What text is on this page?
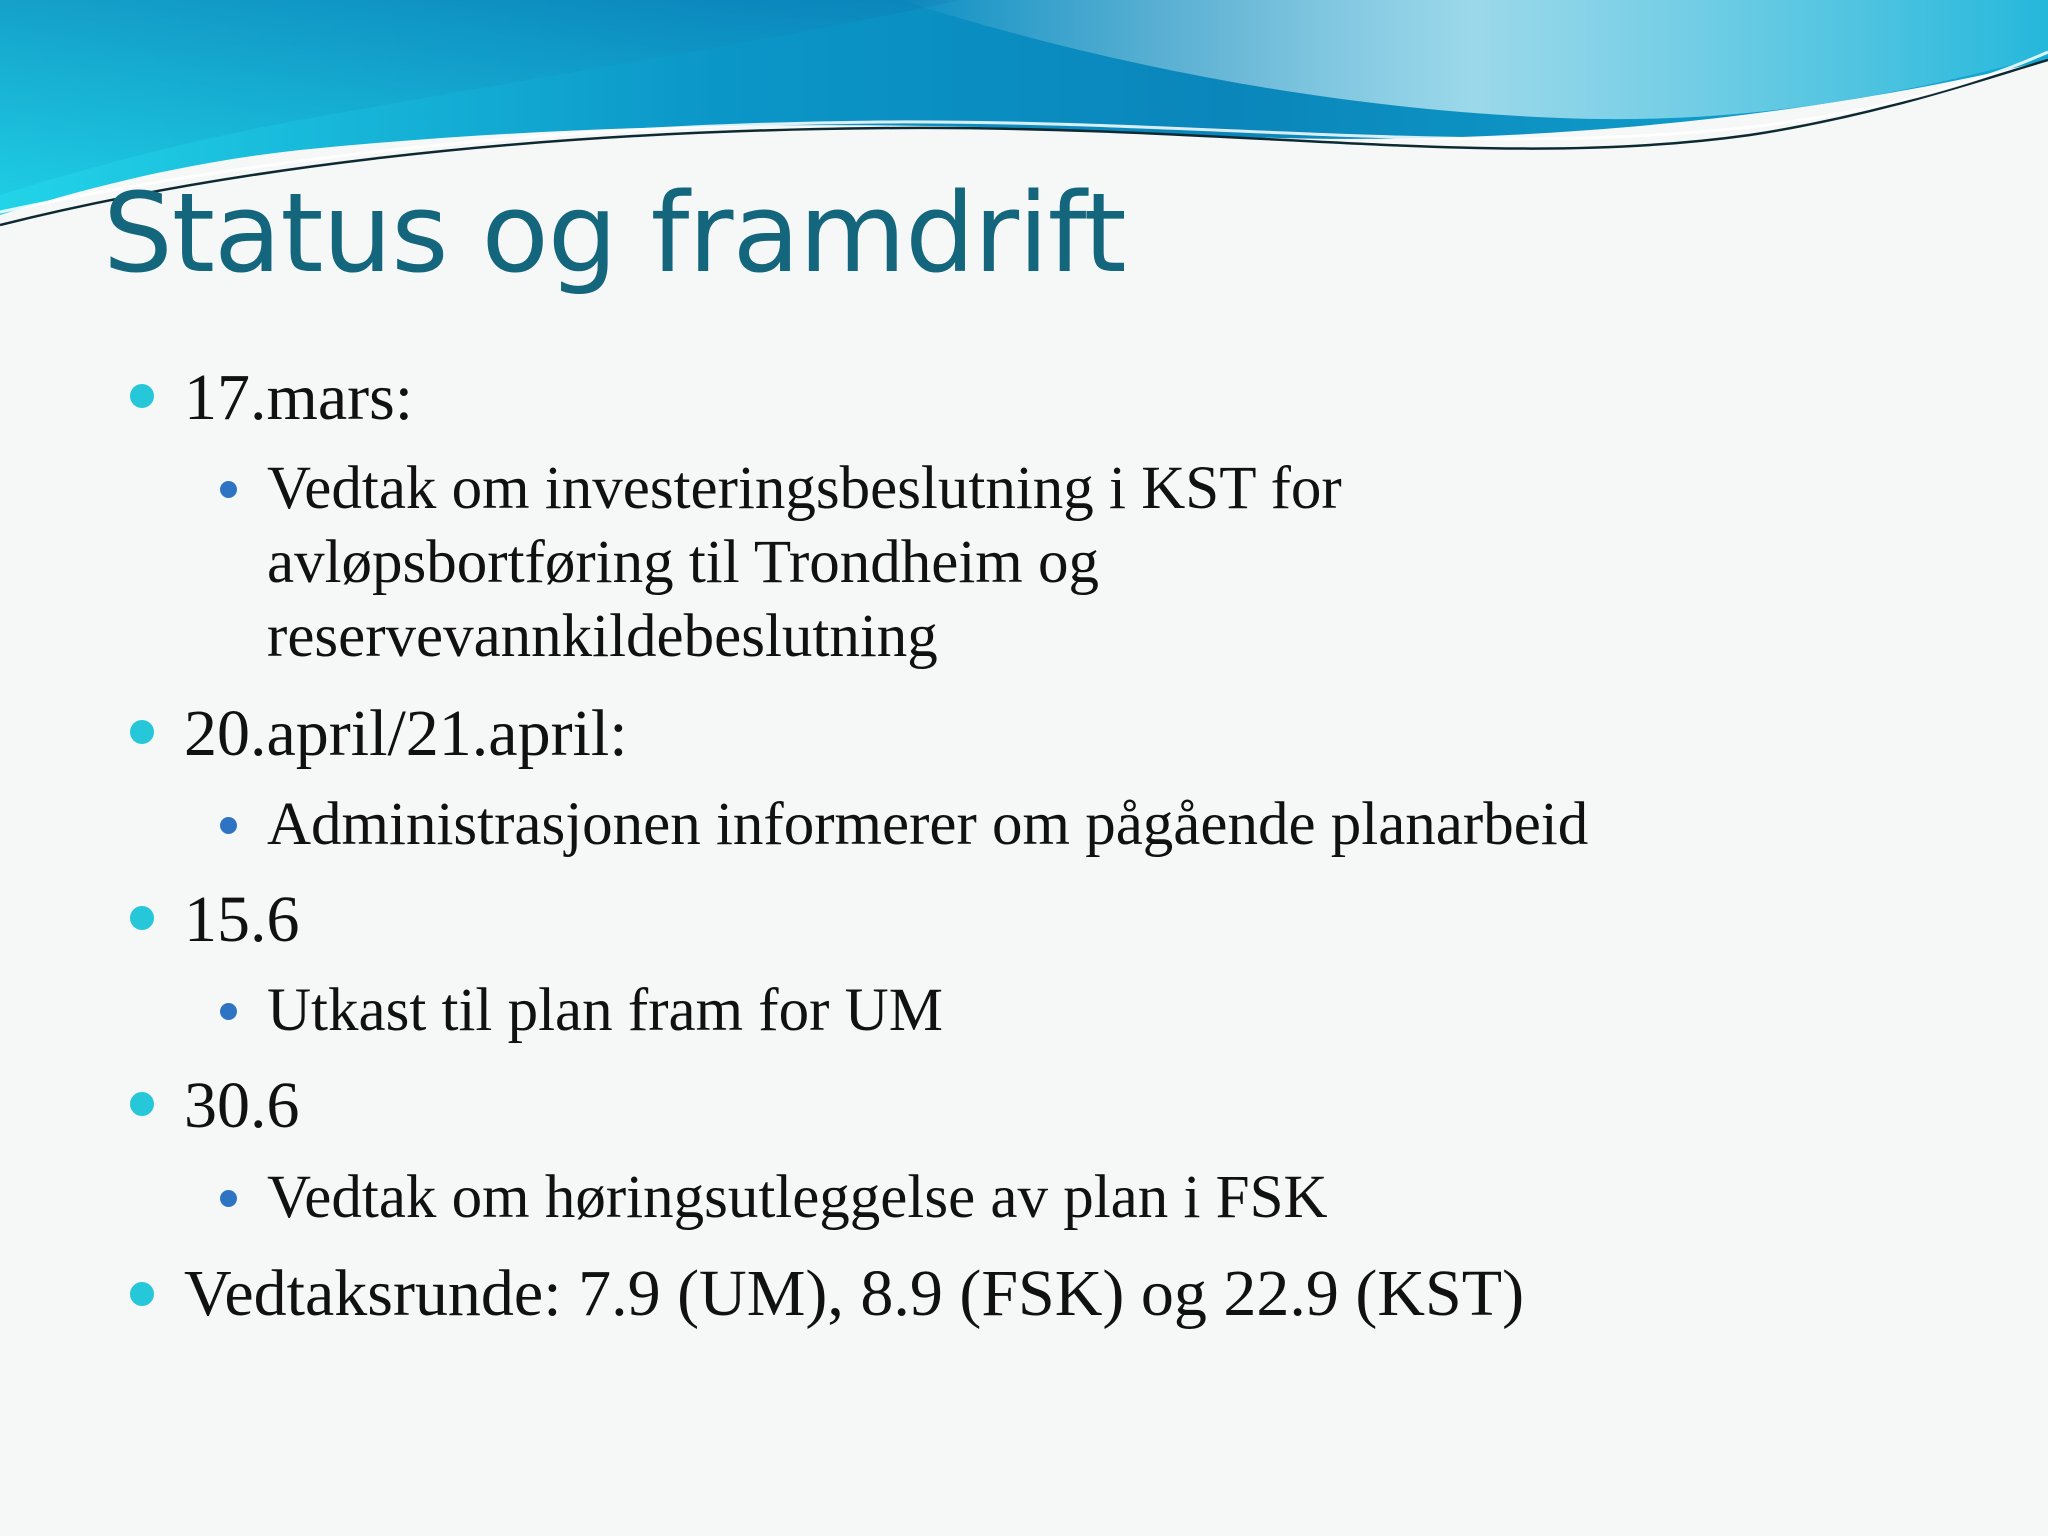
Status og framdrift

17.mars:

Vedtak om investeringsbeslutning i KST for

avløpsbortføring til Trondheim og

reservevannkildebeslutning

20.april/21.april:

Administrasjonen informerer om pågående planarbeid

15.6

Utkast til plan fram for UM

30.6

Vedtak om høringsutleggelse av plan i FSK

Vedtaksrunde: 7.9 (UM), 8.9 (FSK) og 22.9 (KST)
